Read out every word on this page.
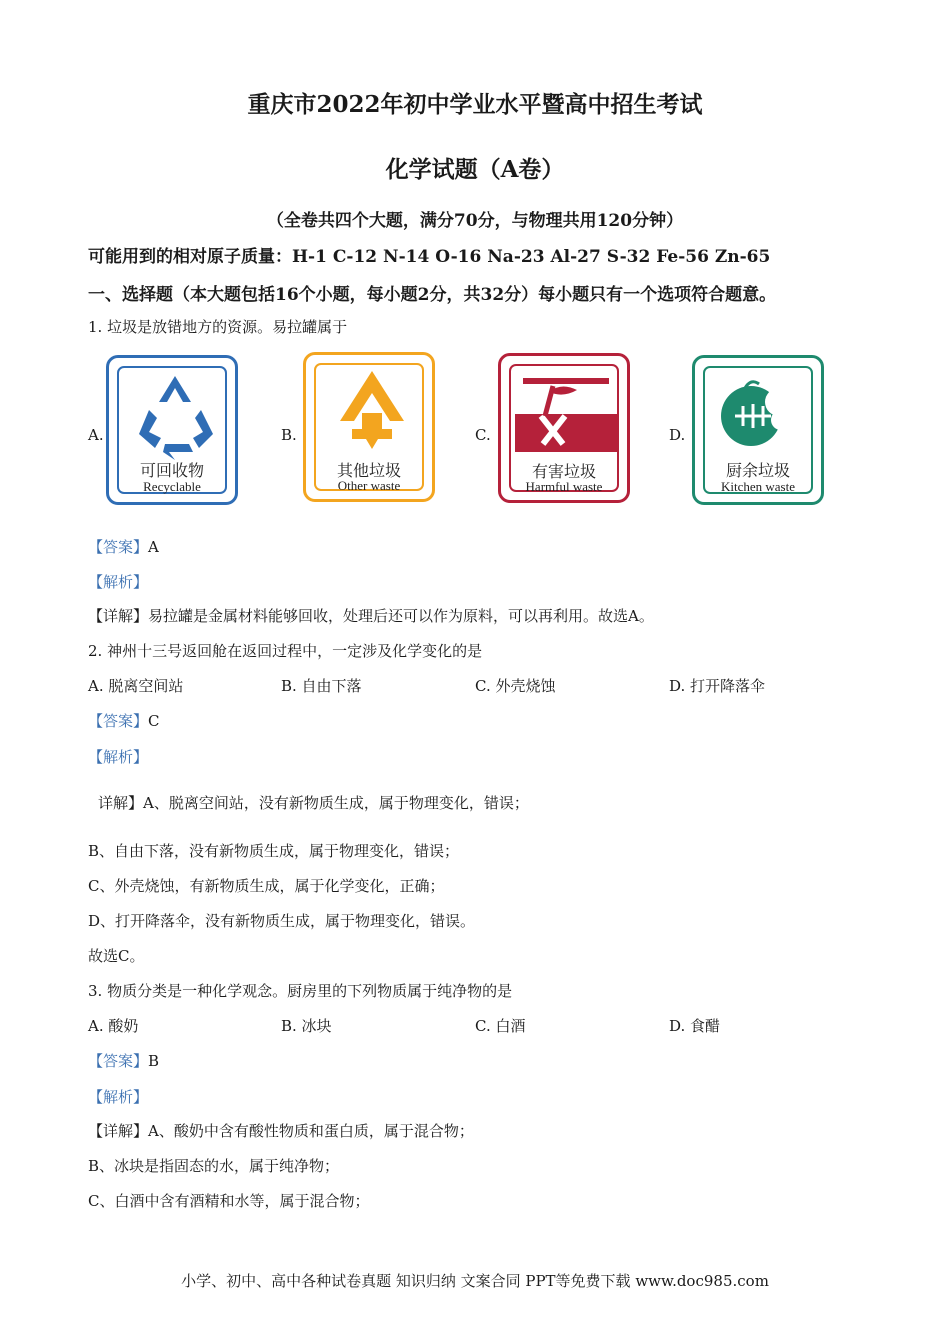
重庆市2022年初中学业水平暨高中招生考试
化学试题（A卷）
（全卷共四个大题，满分70分，与物理共用120分钟）
可能用到的相对原子质量：H-1 C-12 N-14 O-16 Na-23 Al-27 S-32 Fe-56 Zn-65
一、选择题（本大题包括16个小题，每小题2分，共32分）每小题只有一个选项符合题意。
1. 垃圾是放错地方的资源。易拉罐属于
A.
可回收物
Recyclable
B.
其他垃圾
Other waste
C.
有害垃圾
Harmful waste
D.
厨余垃圾
Kitchen waste
【答案】A
【解析】
【详解】易拉罐是金属材料能够回收，处理后还可以作为原料，可以再利用。故选A。
2. 神州十三号返回舱在返回过程中，一定涉及化学变化的是
A. 脱离空间站	B. 自由下落	C. 外壳烧蚀	D. 打开降落伞
【答案】C
【解析】
详解】A、脱离空间站，没有新物质生成，属于物理变化，错误；
B、自由下落，没有新物质生成，属于物理变化，错误；
C、外壳烧蚀，有新物质生成，属于化学变化，正确；
D、打开降落伞，没有新物质生成，属于物理变化，错误。
故选C。
3. 物质分类是一种化学观念。厨房里的下列物质属于纯净物的是
A. 酸奶	B. 冰块	C. 白酒	D. 食醋
【答案】B
【解析】
【详解】A、酸奶中含有酸性物质和蛋白质，属于混合物；
B、冰块是指固态的水，属于纯净物；
C、白酒中含有酒精和水等，属于混合物；
小学、初中、高中各种试卷真题 知识归纳 文案合同 PPT等免费下载 www.doc985.com
